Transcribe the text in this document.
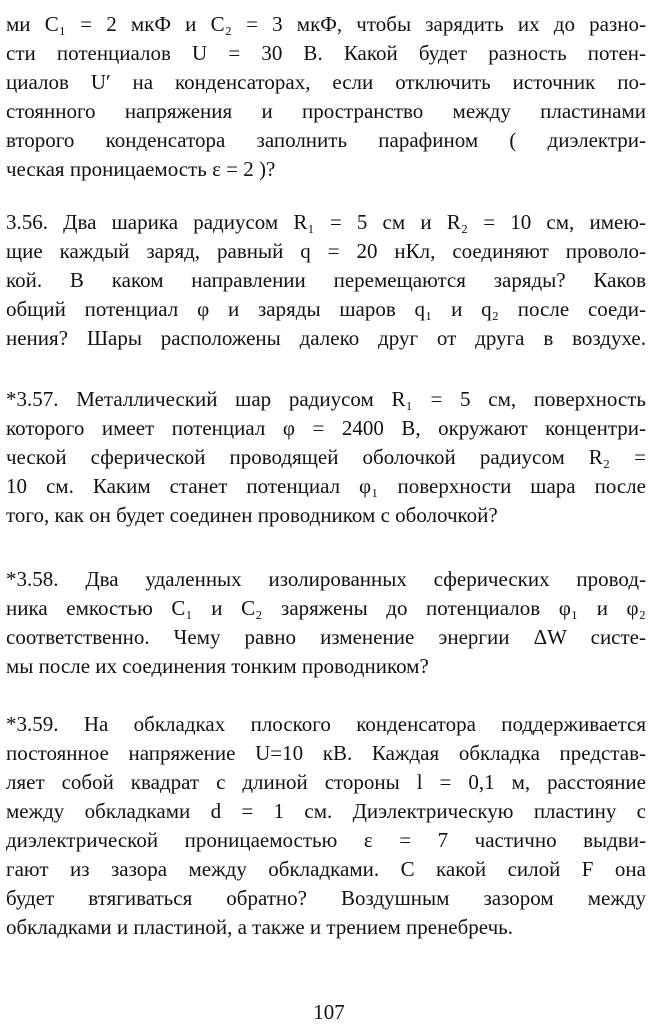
ми C₁ = 2 мкФ и C₂ = 3 мкФ, чтобы зарядить их до разно-
сти потенциалов U = 30 В. Какой будет разность потен-
циалов U′ на конденсаторах, если отключить источник по-
стоянного напряжения и пространство между пластинами
второго конденсатора заполнить парафином ( диэлектри-
ческая проницаемость ε = 2 )?
3.56. Два шарика радиусом R₁ = 5 см и R₂ = 10 см, имею-
щие каждый заряд, равный q = 20 нКл, соединяют проволо-
кой. В каком направлении перемещаются заряды? Каков
общий потенциал φ и заряды шаров q₁ и q₂ после соеди-
нения? Шары расположены далеко друг от друга в воздухе.
*3.57. Металлический шар радиусом R₁ = 5 см, поверхность
которого имеет потенциал φ = 2400 В, окружают концентри-
ческой сферической проводящей оболочкой радиусом R₂ =
10 см. Каким станет потенциал φ₁ поверхности шара после
того, как он будет соединен проводником с оболочкой?
*3.58. Два удаленных изолированных сферических провод-
ника емкостью C₁ и C₂ заряжены до потенциалов φ₁ и φ₂
соответственно. Чему равно изменение энергии ΔW систе-
мы после их соединения тонким проводником?
*3.59. На обкладках плоского конденсатора поддерживается
постоянное напряжение U=10 кВ. Каждая обкладка представ-
ляет собой квадрат с длиной стороны l = 0,1 м, расстояние
между обкладками d = 1 см. Диэлектрическую пластину с
диэлектрической проницаемостью ε = 7 частично выдви-
гают из зазора между обкладками. С какой силой F она
будет втягиваться обратно? Воздушным зазором между
обкладками и пластиной, а также и трением пренебречь.
107
